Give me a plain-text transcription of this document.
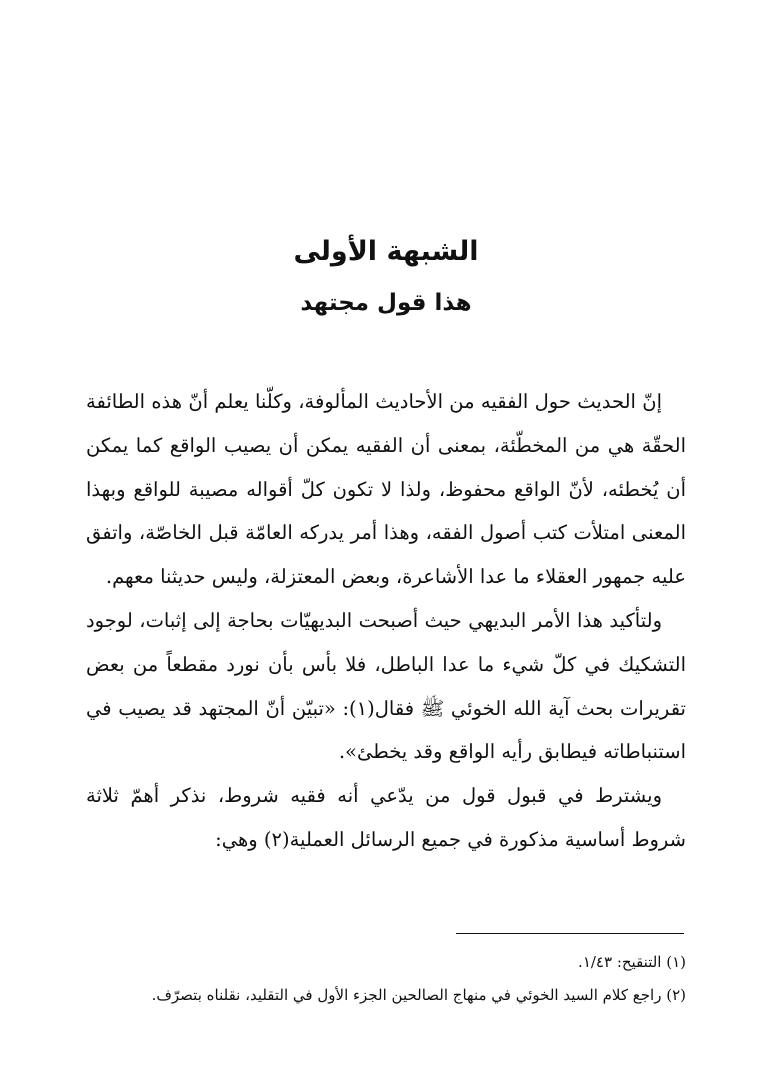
الشبهة الأولى
هذا قول مجتهد

إنّ الحديث حول الفقيه من الأحاديث المألوفة، وكلّنا يعلم أنّ هذه الطائفة الحقّة هي من المخطّئة، بمعنى أن الفقيه يمكن أن يصيب الواقع كما يمكن أن يُخطئه، لأنّ الواقع محفوظ، ولذا لا تكون كلّ أقواله مصيبة للواقع وبهذا المعنى امتلأت كتب أصول الفقه، وهذا أمر يدركه العامّة قبل الخاصّة، واتفق عليه جمهور العقلاء ما عدا الأشاعرة، وبعض المعتزلة، وليس حديثنا معهم.

ولتأكيد هذا الأمر البديهي حيث أصبحت البديهيّات بحاجة إلى إثبات، لوجود التشكيك في كلّ شيء ما عدا الباطل، فلا بأس بأن نورد مقطعاً من بعض تقريرات بحث آية الله الخوئي ﷺ فقال(١): «تبيّن أنّ المجتهد قد يصيب في استنباطاته فيطابق رأيه الواقع وقد يخطئ».

ويشترط في قبول قول من يدّعي أنه فقيه شروط، نذكر أهمّ ثلاثة شروط أساسية مذكورة في جميع الرسائل العملية(٢) وهي:

(١) التنقيح: ١/٤٣.

(٢) راجع كلام السيد الخوئي في منهاج الصالحين الجزء الأول في التقليد، نقلناه بتصرّف.
